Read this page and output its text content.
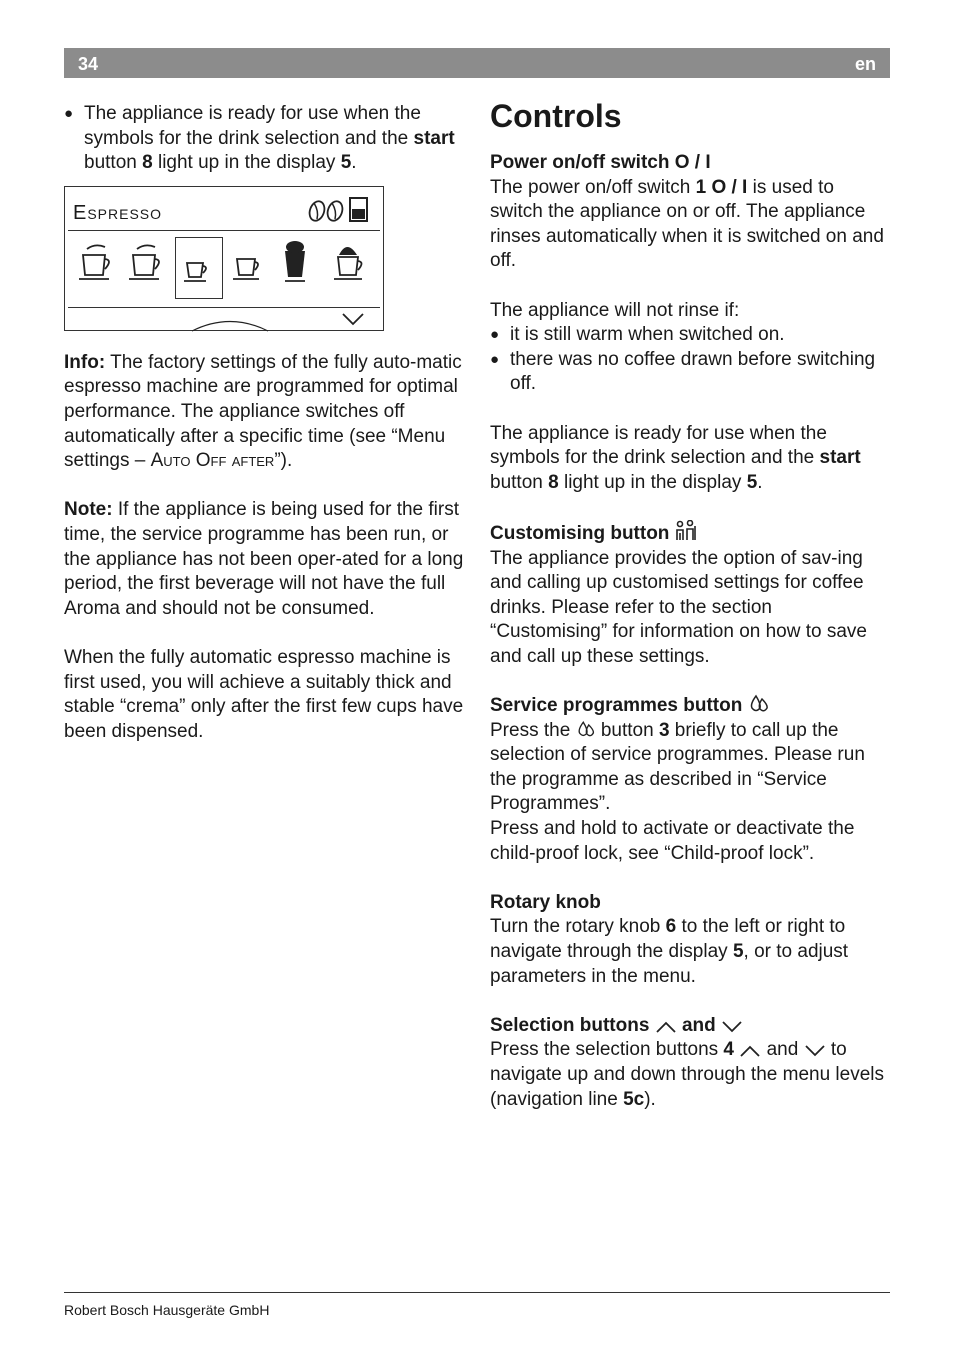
34	en

● The appliance is ready for use when the symbols for the drink selection and the start button 8 light up in the display 5.

Espresso

Info: The factory settings of the fully auto-matic espresso machine are programmed for optimal performance. The appliance switches off automatically after a specific time (see “Menu settings – Auto Off after”).

Note: If the appliance is being used for the first time, the service programme has been run, or the appliance has not been oper-ated for a long period, the first beverage will not have the full Aroma and should not be consumed.

When the fully automatic espresso machine is first used, you will achieve a suitably thick and stable “crema” only after the first few cups have been dispensed.

Controls
Power on/off switch O / I

The power on/off switch 1 O / I is used to switch the appliance on or off. The appliance rinses automatically when it is switched on and off.

The appliance will not rinse if:

● it is still warm when switched on.

● there was no coffee drawn before switching off.

The appliance is ready for use when the symbols for the drink selection and the start button 8 light up in the display 5.

Customising button

The appliance provides the option of sav-ing and calling up customised settings for coffee drinks. Please refer to the section “Customising” for information on how to save and call up these settings.

Service programmes button

Press the  button 3 briefly to call up the selection of service programmes. Please run the programme as described in “Service Programmes”.

Press and hold to activate or deactivate the child-proof lock, see “Child-proof lock”.

Rotary knob

Turn the rotary knob 6 to the left or right to navigate through the display 5, or to adjust parameters in the menu.

Selection buttons and

Press the selection buttons 4 and  to navigate up and down through the menu levels (navigation line 5c).

Robert Bosch Hausgeräte GmbH
